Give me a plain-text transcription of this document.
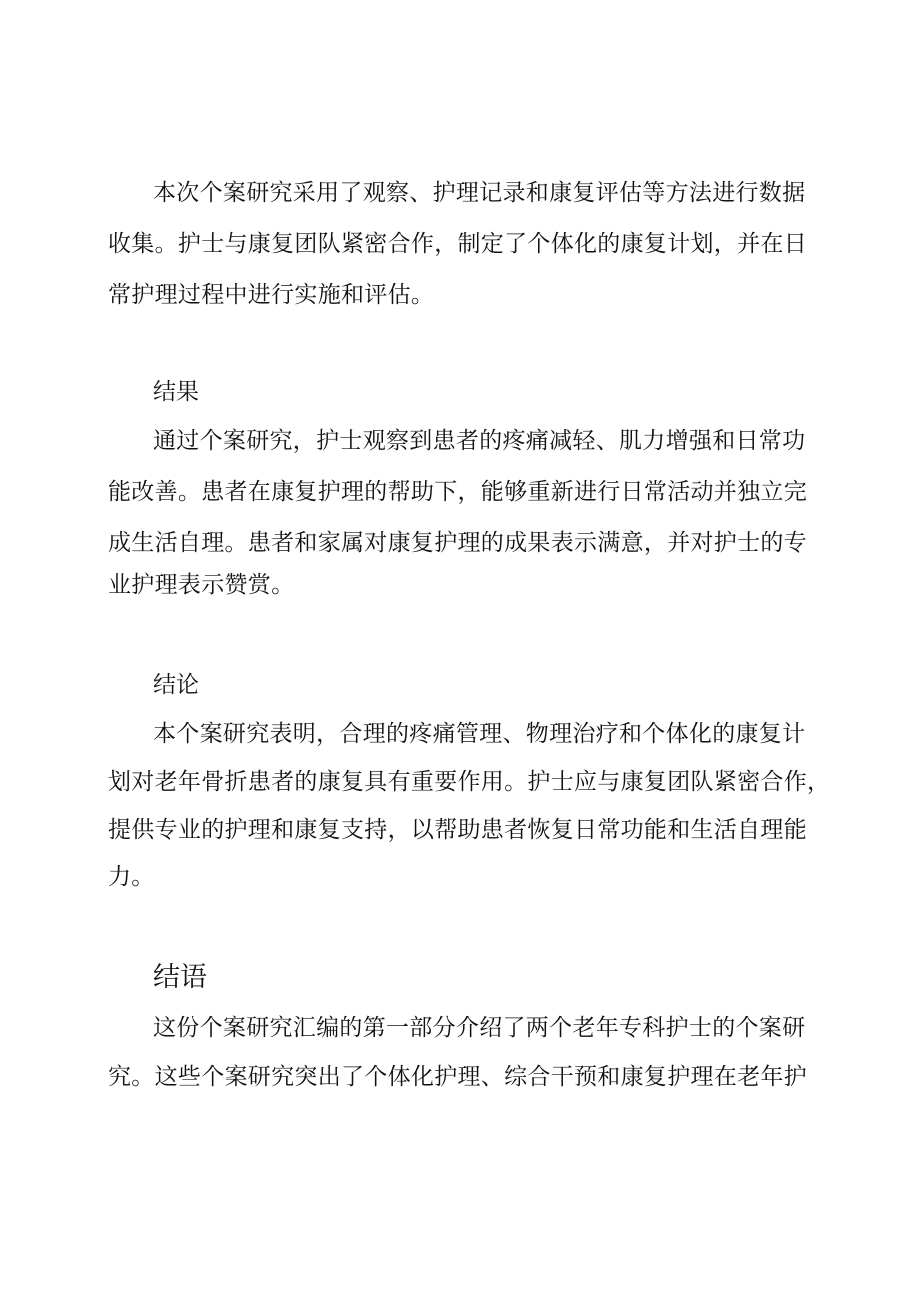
本次个案研究采用了观察、护理记录和康复评估等方法进行数据
收集。护士与康复团队紧密合作，制定了个体化的康复计划，并在日
常护理过程中进行实施和评估。
结果
通过个案研究，护士观察到患者的疼痛减轻、肌力增强和日常功
能改善。患者在康复护理的帮助下，能够重新进行日常活动并独立完
成生活自理。患者和家属对康复护理的成果表示满意，并对护士的专
业护理表示赞赏。
结论
本个案研究表明，合理的疼痛管理、物理治疗和个体化的康复计
划对老年骨折患者的康复具有重要作用。护士应与康复团队紧密合作，
提供专业的护理和康复支持，以帮助患者恢复日常功能和生活自理能
力。
结语
这份个案研究汇编的第一部分介绍了两个老年专科护士的个案研
究。这些个案研究突出了个体化护理、综合干预和康复护理在老年护
